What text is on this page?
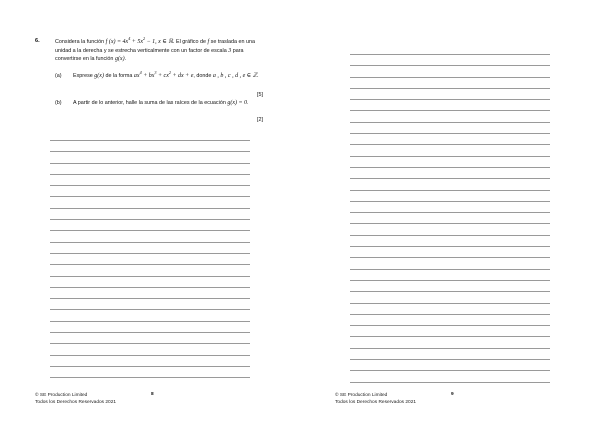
6.	Considera la función f $(x) = 4x^4 + 5x^2 - 1$, x ∈ ℝ. El gráfico de f se traslada en una unidad a la derecha y se estrecha verticalmente con un factor de escala 3 para convertirse en la función g(x).
(a) Exprese g(x) de la forma $ax^4 + bx^3 + cx^2$ + dx + e, donde a , b , c , d , e ∈ ℤ.
[5]
(b) A partir de lo anterior, halle la suma de las raíces de la ecuación g(x) = 0.
[2]
© SE Production Limited
Todos los Derechos Reservados 2021
8	© SE Production Limited
Todos los Derechos Reservados 2021
9
